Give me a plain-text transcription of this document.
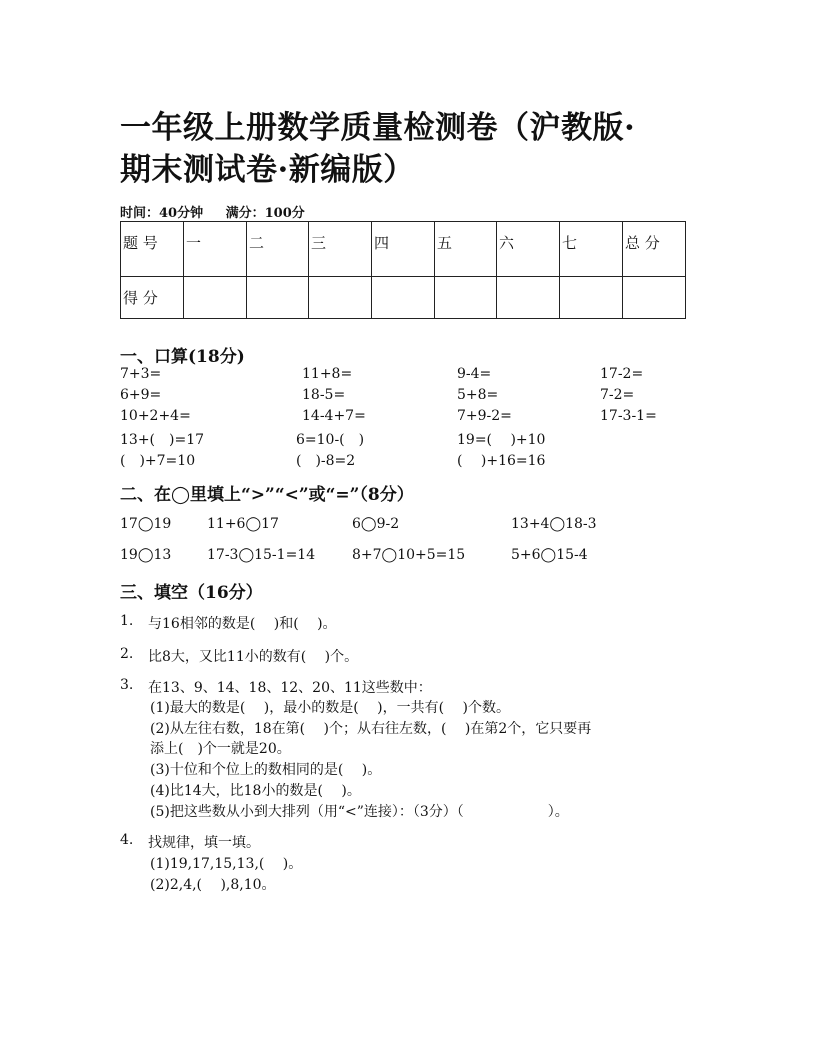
一年级上册数学质量检测卷（沪教版·
期末测试卷·新编版）
时间：40分钟 满分：100分
题 号	一	二	三	四	五	六	七	总 分
得 分								
一、口算(18分)
7+3=	11+8=	9-4=	17-2=
6+9=	18-5=	5+8=	7-2=
10+2+4=	14-4+7=	7+9-2=	17-3-1=
13+(　)=17	6=10-(　)	19=(　 )+10
(　)+7=10	(　)-8=2	(　 )+16=16
二、在◯里填上“>”“<”或“=”（8分）
17◯19	11+6◯17	6◯9-2	13+4◯18-3
19◯13	17-3◯15-1=14	8+7◯10+5=15	5+6◯15-4
三、填空（16分）
1. 与16相邻的数是(　 )和(　 )。
2. 比8大，又比11小的数有(　 )个。
3. 在13、9、14、18、12、20、11这些数中：
(1)最大的数是(　 )，最小的数是(　 )，一共有(　 )个数。
(2)从左往右数，18在第(　 )个；从右往左数，(　 )在第2个，它只要再
添上(　)个一就是20。
(3)十位和个位上的数相同的是(　 )。
(4)比14大，比18小的数是(　 )。
(5)把这些数从小到大排列（用“<”连接）：（3分）（　　　　　　）。
4. 找规律，填一填。
(1)19,17,15,13,(　 )。
(2)2,4,(　 ),8,10。
